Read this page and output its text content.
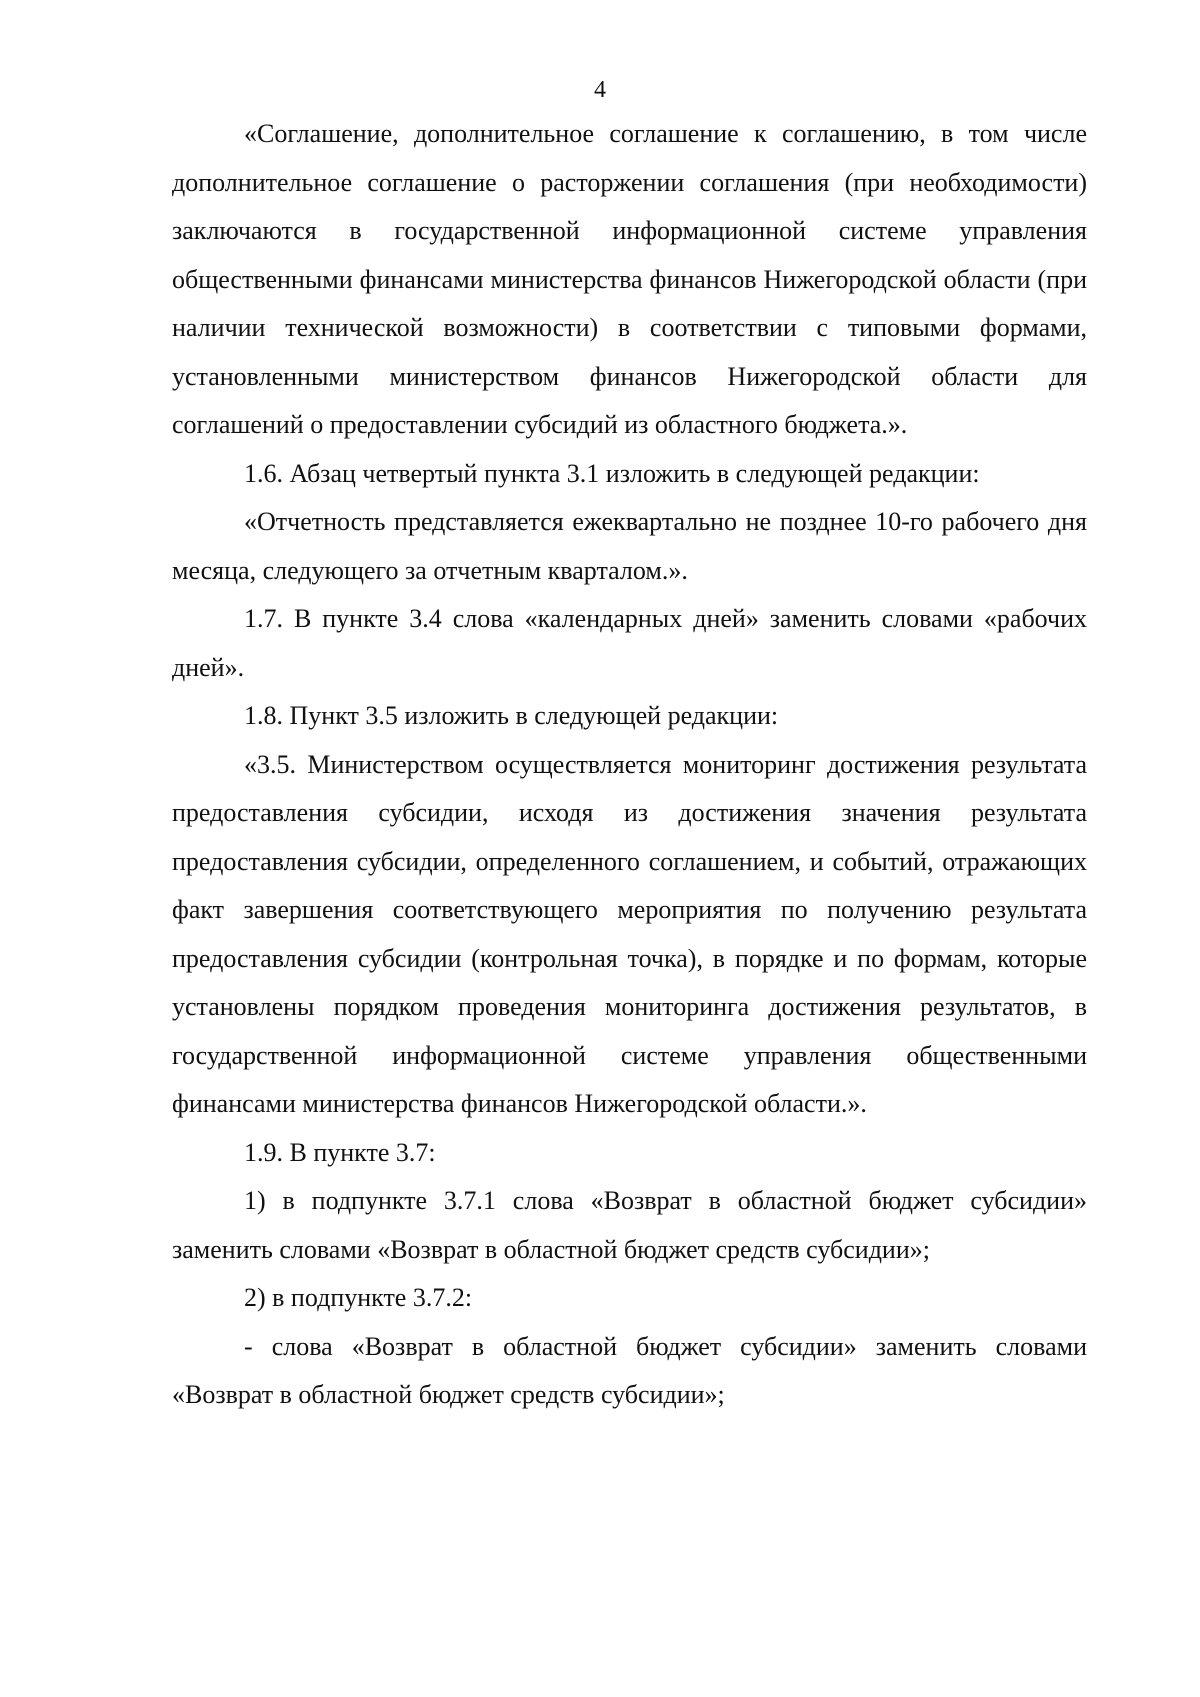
4

«Соглашение, дополнительное соглашение к соглашению, в том числе дополнительное соглашение о расторжении соглашения (при необходимости) заключаются в государственной информационной системе управления общественными финансами министерства финансов Нижегородской области (при наличии технической возможности) в соответствии с типовыми формами, установленными министерством финансов Нижегородской области для соглашений о предоставлении субсидий из областного бюджета.».

1.6. Абзац четвертый пункта 3.1 изложить в следующей редакции:

«Отчетность представляется ежеквартально не позднее 10-го рабочего дня месяца, следующего за отчетным кварталом.».

1.7. В пункте 3.4 слова «календарных дней» заменить словами «рабочих дней».

1.8. Пункт 3.5 изложить в следующей редакции:

«3.5. Министерством осуществляется мониторинг достижения результата предоставления субсидии, исходя из достижения значения результата предоставления субсидии, определенного соглашением, и событий, отражающих факт завершения соответствующего мероприятия по получению результата предоставления субсидии (контрольная точка), в порядке и по формам, которые установлены порядком проведения мониторинга достижения результатов, в государственной информационной системе управления общественными финансами министерства финансов Нижегородской области.».

1.9. В пункте 3.7:

1) в подпункте 3.7.1 слова «Возврат в областной бюджет субсидии» заменить словами «Возврат в областной бюджет средств субсидии»;

2) в подпункте 3.7.2:

- слова «Возврат в областной бюджет субсидии» заменить словами «Возврат в областной бюджет средств субсидии»;
